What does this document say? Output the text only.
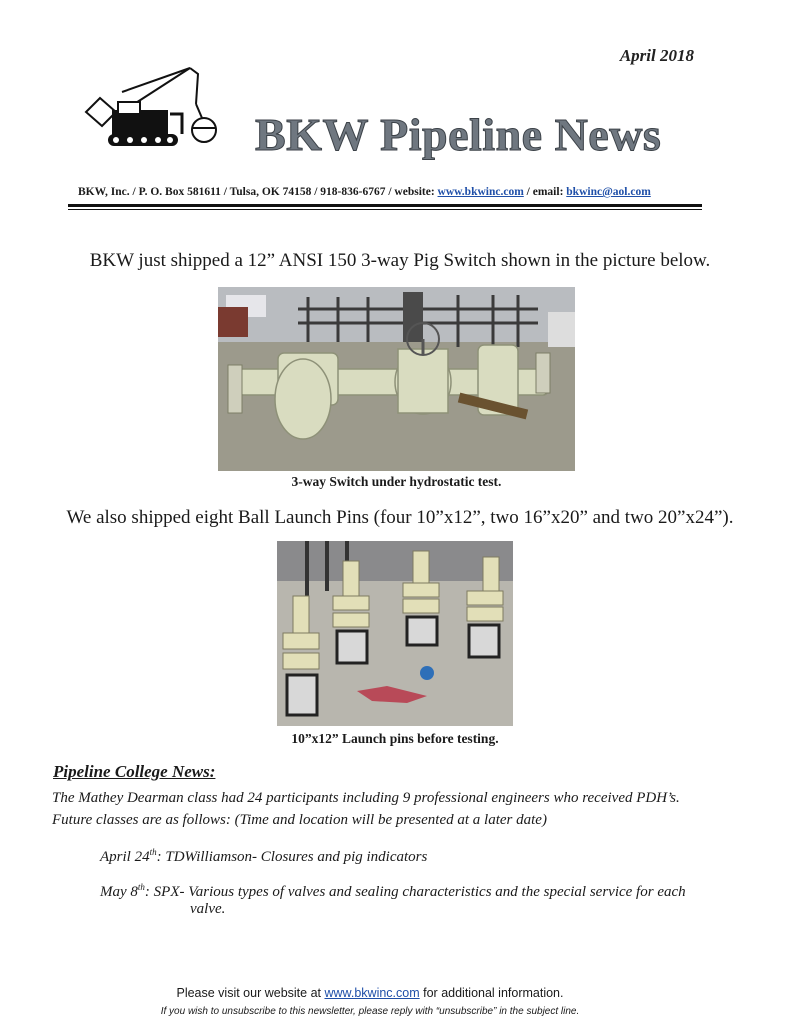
April 2018
BKW Pipeline News
BKW, Inc. / P. O. Box 581611 / Tulsa, OK 74158 / 918-836-6767 / website: www.bkwinc.com / email: bkwinc@aol.com
BKW just shipped a 12” ANSI 150 3-way Pig Switch shown in the picture below.
3-way Switch under hydrostatic test.
We also shipped eight Ball Launch Pins (four 10”x12”, two 16”x20” and two 20”x24”).
10”x12” Launch pins before testing.
Pipeline College News:
The Mathey Dearman class had 24 participants including 9 professional engineers who received PDH’s.
Future classes are as follows: (Time and location will be presented at a later date)
April 24th: TDWilliamson- Closures and pig indicators
May 8th: SPX- Various types of valves and sealing characteristics and the special service for each
valve.
Please visit our website at www.bkwinc.com for additional information.
If you wish to unsubscribe to this newsletter, please reply with “unsubscribe” in the subject line.
